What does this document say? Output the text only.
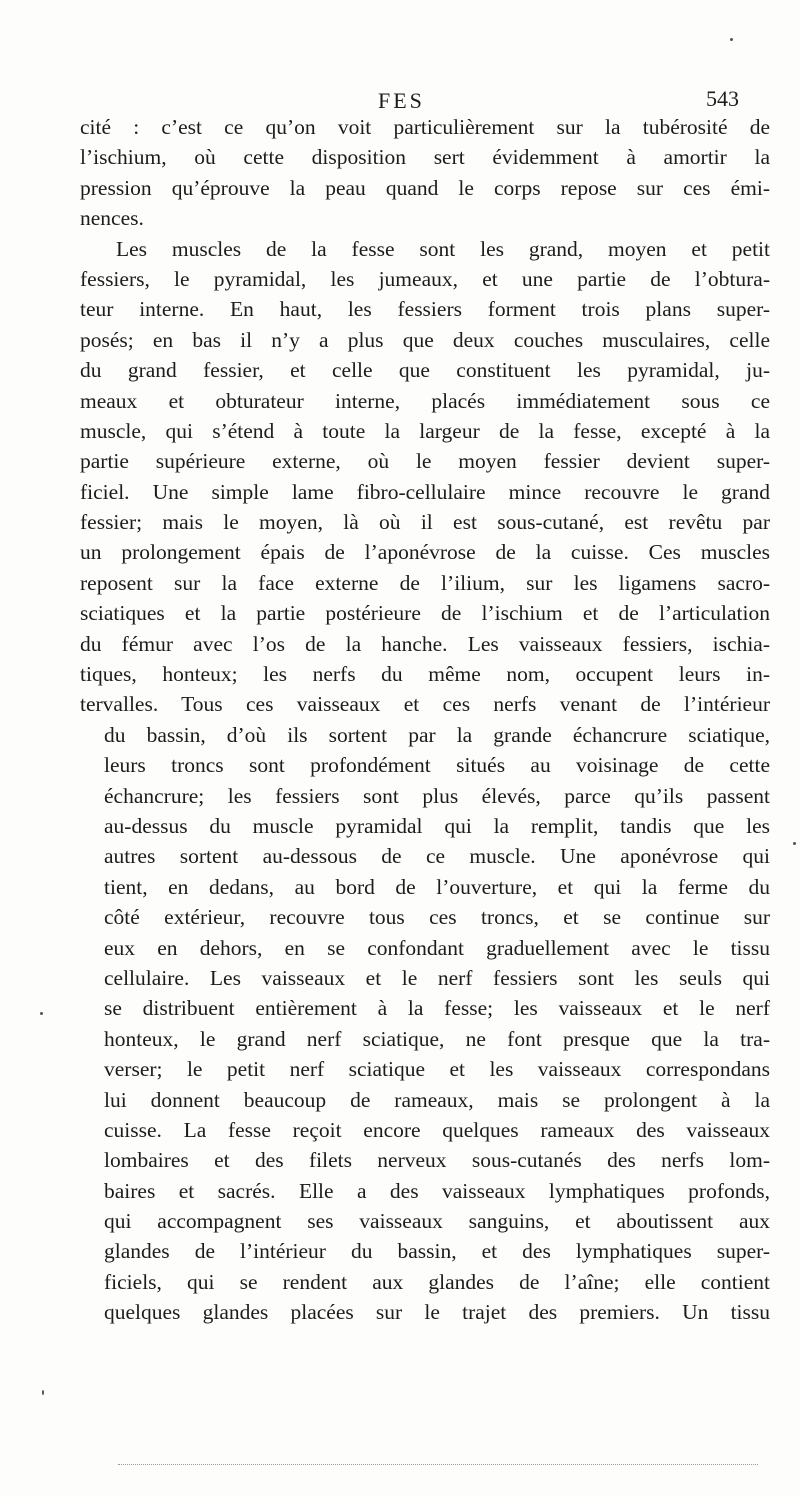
FES	543
cité : c’est ce qu’on voit particulièrement sur la tubérosité de
l’ischium, où cette disposition sert évidemment à amortir la
pression qu’éprouve la peau quand le corps repose sur ces émi-
nences.
Les muscles de la fesse sont les grand, moyen et petit
fessiers, le pyramidal, les jumeaux, et une partie de l’obtura-
teur interne. En haut, les fessiers forment trois plans super-
posés; en bas il n’y a plus que deux couches musculaires, celle
du grand fessier, et celle que constituent les pyramidal, ju-
meaux et obturateur interne, placés immédiatement sous ce
muscle, qui s’étend à toute la largeur de la fesse, excepté à la
partie supérieure externe, où le moyen fessier devient super-
ficiel. Une simple lame fibro-cellulaire mince recouvre le grand
fessier; mais le moyen, là où il est sous-cutané, est revêtu par
un prolongement épais de l’aponévrose de la cuisse. Ces muscles
reposent sur la face externe de l’ilium, sur les ligamens sacro-
sciatiques et la partie postérieure de l’ischium et de l’articulation
du fémur avec l’os de la hanche. Les vaisseaux fessiers, ischia-
tiques, honteux; les nerfs du même nom, occupent leurs in-
tervalles. Tous ces vaisseaux et ces nerfs venant de l’intérieur
du bassin, d’où ils sortent par la grande échancrure sciatique,
leurs troncs sont profondément situés au voisinage de cette
échancrure; les fessiers sont plus élevés, parce qu’ils passent
au-dessus du muscle pyramidal qui la remplit, tandis que les
autres sortent au-dessous de ce muscle. Une aponévrose qui
tient, en dedans, au bord de l’ouverture, et qui la ferme du
côté extérieur, recouvre tous ces troncs, et se continue sur
eux en dehors, en se confondant graduellement avec le tissu
cellulaire. Les vaisseaux et le nerf fessiers sont les seuls qui
se distribuent entièrement à la fesse; les vaisseaux et le nerf
honteux, le grand nerf sciatique, ne font presque que la tra-
verser; le petit nerf sciatique et les vaisseaux correspondans
lui donnent beaucoup de rameaux, mais se prolongent à la
cuisse. La fesse reçoit encore quelques rameaux des vaisseaux
lombaires et des filets nerveux sous-cutanés des nerfs lom-
baires et sacrés. Elle a des vaisseaux lymphatiques profonds,
qui accompagnent ses vaisseaux sanguins, et aboutissent aux
glandes de l’intérieur du bassin, et des lymphatiques super-
ficiels, qui se rendent aux glandes de l’aîne; elle contient
quelques glandes placées sur le trajet des premiers. Un tissu
